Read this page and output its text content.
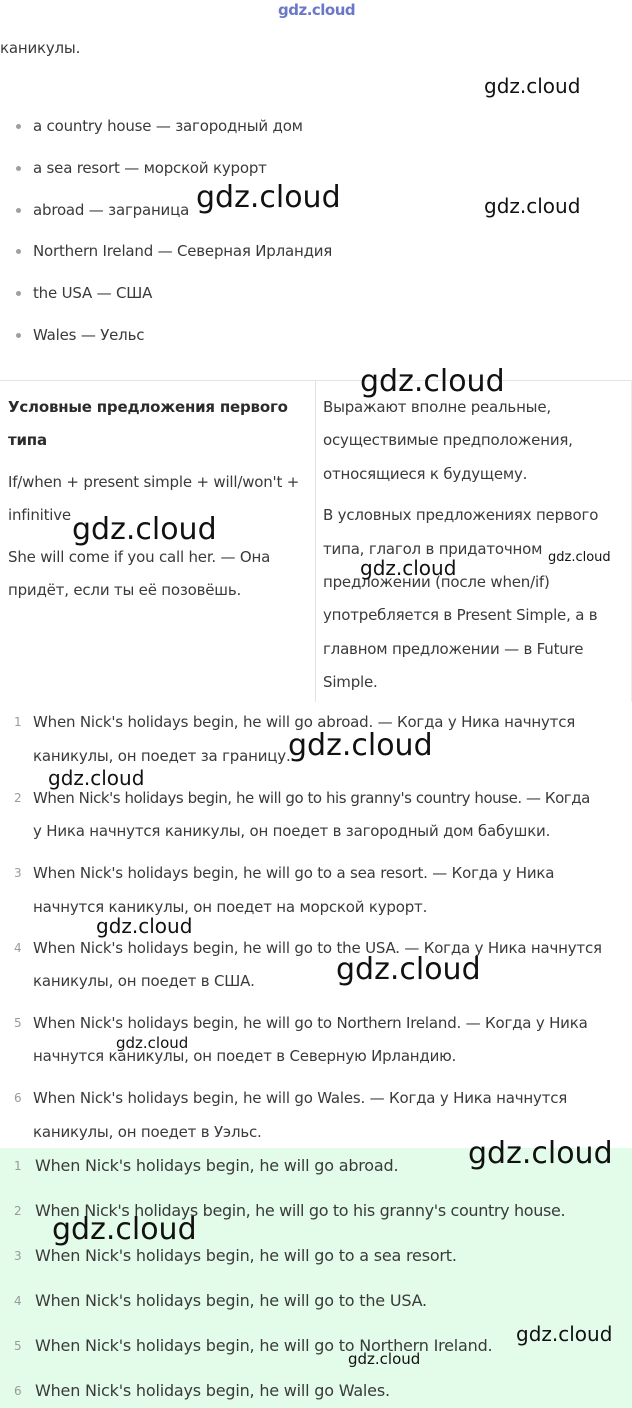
gdz.cloud
каникулы.
a country house — загородный дом
a sea resort — морской курорт
abroad — заграница
Northern Ireland — Северная Ирландия
the USA — США
Wales — Уельс
Условные предложения первого
типа
If/when + present simple + will/won't +
infinitive
She will come if you call her. — Она
придёт, если ты её позовёшь.
Выражают вполне реальные,
осуществимые предположения,
относящиеся к будущему.
В условных предложениях первого
типа, глагол в придаточном
предложении (после when/if)
употребляется в Present Simple, а в
главном предложении — в Future
Simple.
1 When Nick's holidays begin, he will go abroad. — Когда у Ника начнутся
каникулы, он поедет за границу.
2 When Nick's holidays begin, he will go to his granny's country house. — Когда
у Ника начнутся каникулы, он поедет в загородный дом бабушки.
3 When Nick's holidays begin, he will go to a sea resort. — Когда у Ника
начнутся каникулы, он поедет на морской курорт.
4 When Nick's holidays begin, he will go to the USA. — Когда у Ника начнутся
каникулы, он поедет в США.
5 When Nick's holidays begin, he will go to Northern Ireland. — Когда у Ника
начнутся каникулы, он поедет в Северную Ирландию.
6 When Nick's holidays begin, he will go Wales. — Когда у Ника начнутся
каникулы, он поедет в Уэльс.
1 When Nick's holidays begin, he will go abroad.
2 When Nick's holidays begin, he will go to his granny's country house.
3 When Nick's holidays begin, he will go to a sea resort.
4 When Nick's holidays begin, he will go to the USA.
5 When Nick's holidays begin, he will go to Northern Ireland.
6 When Nick's holidays begin, he will go Wales.
gdz.cloud
gdz.cloud	gdz.cloud
gdz.cloud
gdz.cloud
gdz.cloud	gdz.cloud
gdz.cloud
gdz.cloud
gdz.cloud
gdz.cloud
gdz.cloud
gdz.cloud
gdz.cloud
gdz.cloud
gdz.cloud
